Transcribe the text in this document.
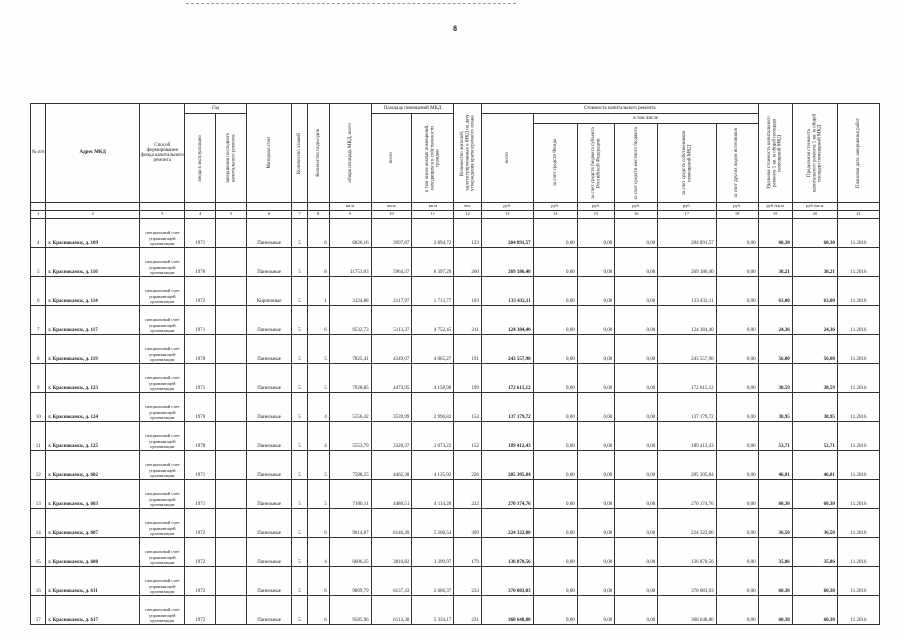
8
№ п/п	Адрес МКД	Способ формирования фонда капитального ремонта	Год		Материал стен	Количество этажей	Количество подъездов	общая площадь МКД, всего	Площадь помещений МКД		Количество жителей, зарегистрированных в МКД на дату утверждения краткосрочного плана	Стоимость капитального ремонта						Удельная стоимость капитального ремонта 1 кв. м общей площади помещений МКД	Предельная стоимость капитального ремонта 1 кв. м общей площади помещений МКД	Плановая дата завершения работ

			ввода в эксплуатацию	завершения последнего капитального ремонта					всего	в том числе жилых помещений, находящихся в собственности граждан		всего	в том числе							

													за счет средств Фонда	за счет средств бюджета субъекта Российской Федерации	за счет средств местного бюджета	за счет средств собственников помещений МКД	за счет других видов источников			

								кв.м	кв.м	кв.м	чел.	руб.	руб.	руб.	руб.	руб.	руб.	руб./кв.м	руб./кв.м	
1	2	3	4	5	6	7	8	9	10	11	12	13	14	15	16	17	18	19	20	21
4	г. Краснокамск, д. 109	специальный счет управляющей организации	1971		Панельные	5	6	6826,16	3997,87	2 894,72	123	204 891,57	0,00	0,00	0,00	204 891,57	0,00	60,30	60,30	11.2016
5	г. Краснокамск, д. 110	специальный счет управляющей организации	1970		Панельные	5	8	11751,03	5964,37	6 397,29	260	269 186,40	0,00	0,00	0,00	269 186,40	0,00	38,21	38,21	11.2016
6	г. Краснокамск, д. 114	специальный счет управляющей организации	1972		Кирпичные	5	1	3124,88	2117,97	1 713,77	103	133 432,11	0,00	0,00	0,00	133 432,11	0,00	63,00	63,00	11.2016
7	г. Краснокамск, д. 117	специальный счет управляющей организации	1971		Панельные	5	6	9532,73	5113,37	4 752,45	211	124 384,40	0,00	0,00	0,00	124 384,40	0,00	24,36	24,36	11.2016
8	г. Краснокамск, д. 119	специальный счет управляющей организации	1970		Панельные	5	5	7825,41	4349,07	4 065,27	191	243 557,90	0,00	0,00	0,00	243 557,90	0,00	56,00	56,00	11.2016
9	г. Краснокамск, д. 123	специальный счет управляющей организации	1971		Панельные	5	5	7028,85	4473,95	4 158,90	199	172 615,12	0,00	0,00	0,00	172 615,12	0,00	38,59	38,59	11.2016
10	г. Краснокамск, д. 124	специальный счет управляющей организации	1970		Панельные	5	4	5556,42	3539,99	2 996,82	154	137 179,72	0,00	0,00	0,00	137 179,72	0,00	38,95	38,95	11.2016
11	г. Краснокамск, д. 125	специальный счет управляющей организации	1970		Панельные	5	4	5553,79	3328,37	3 073,22	152	189 412,43	0,00	0,00	0,00	189 412,43	0,00	53,71	53,71	11.2016
12	г. Краснокамск, д. 602	специальный счет управляющей организации	1971		Панельные	5	5	7598,25	4462,38	4 135,92	226	205 305,84	0,00	0,00	0,00	205 305,84	0,00	46,01	46,01	11.2016
13	г. Краснокамск, д. 603	специальный счет управляющей организации	1971		Панельные	5	5	7106,11	4480,51	4 114,28	222	270 174,76	0,00	0,00	0,00	270 174,76	0,00	60,30	60,30	11.2016
14	г. Краснокамск, д. 607	специальный счет управляющей организации	1972		Панельные	5	6	9614,87	6146,49	5 268,54	309	224 322,00	0,00	0,00	0,00	224 322,00	0,00	36,50	36,50	11.2016
15	г. Краснокамск, д. 608	специальный счет управляющей организации	1972		Панельные	5	4	6606,25	3816,82	3 399,97	179	136 870,56	0,00	0,00	0,00	136 870,56	0,00	35,86	35,86	11.2016
16	г. Краснокамск, д. 611	специальный счет управляющей организации	1972		Панельные	5	6	9809,79	6137,43	5 666,37	233	370 083,03	0,00	0,00	0,00	370 083,03	0,00	60,30	60,30	11.2016
17	г. Краснокамск, д. 617	специальный счет управляющей организации	1972		Панельные	5	6	9585,96	6113,38	5 334,17	231	368 648,80	0,00	0,00	0,00	368 648,80	0,00	60,30	60,30	11.2016
